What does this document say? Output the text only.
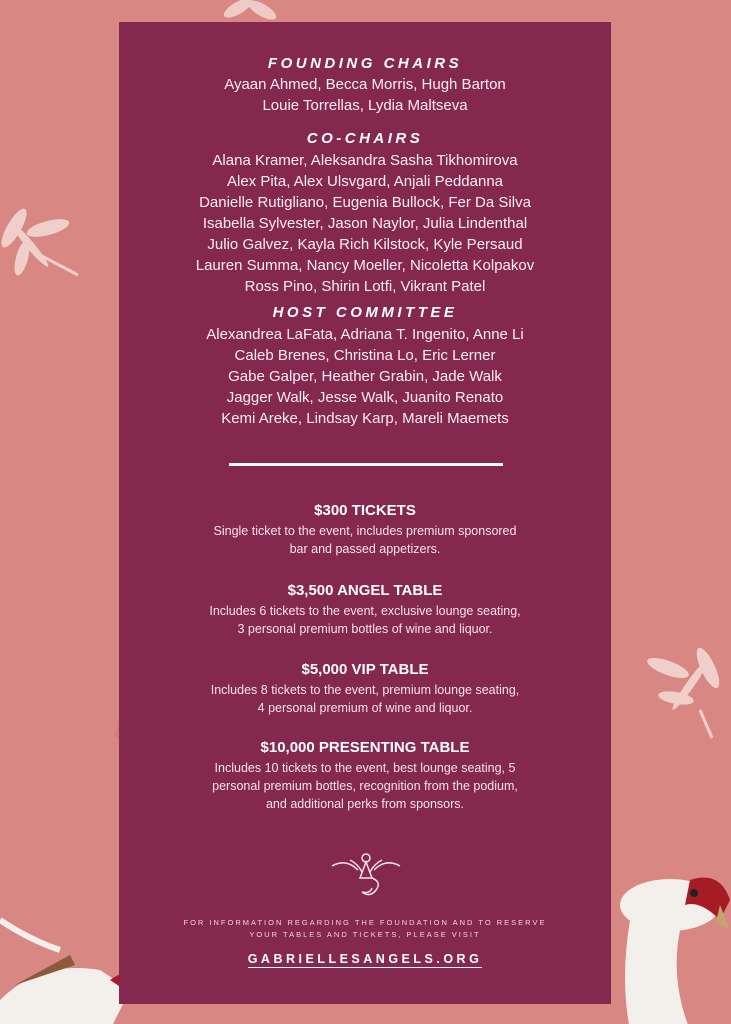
FOUNDING CHAIRS
Ayaan Ahmed, Becca Morris, Hugh Barton
Louie Torrellas, Lydia Maltseva
CO-CHAIRS
Alana Kramer, Aleksandra Sasha Tikhomirova
Alex Pita, Alex Ulsvgard, Anjali Peddanna
Danielle Rutigliano, Eugenia Bullock, Fer Da Silva
Isabella Sylvester, Jason Naylor, Julia Lindenthal
Julio Galvez, Kayla Rich Kilstock, Kyle Persaud
Lauren Summa, Nancy Moeller, Nicoletta Kolpakov
Ross Pino, Shirin Lotfi, Vikrant Patel
HOST COMMITTEE
Alexandrea LaFata, Adriana T. Ingenito, Anne Li
Caleb Brenes, Christina Lo, Eric Lerner
Gabe Galper, Heather Grabin, Jade Walk
Jagger Walk, Jesse Walk, Juanito Renato
Kemi Areke, Lindsay Karp, Mareli Maemets
$300 TICKETS
Single ticket to the event, includes premium sponsored
bar and passed appetizers.
$3,500 ANGEL TABLE
Includes 6 tickets to the event, exclusive lounge seating,
3 personal premium bottles of wine and liquor.
$5,000 VIP TABLE
Includes 8 tickets to the event, premium lounge seating,
4 personal premium of wine and liquor.
$10,000 PRESENTING TABLE
Includes 10 tickets to the event, best lounge seating, 5
personal premium bottles, recognition from the podium,
and additional perks from sponsors.
FOR INFORMATION REGARDING THE FOUNDATION AND TO RESERVE
YOUR TABLES AND TICKETS, PLEASE VISIT
GABRIELLESANGELS.ORG
